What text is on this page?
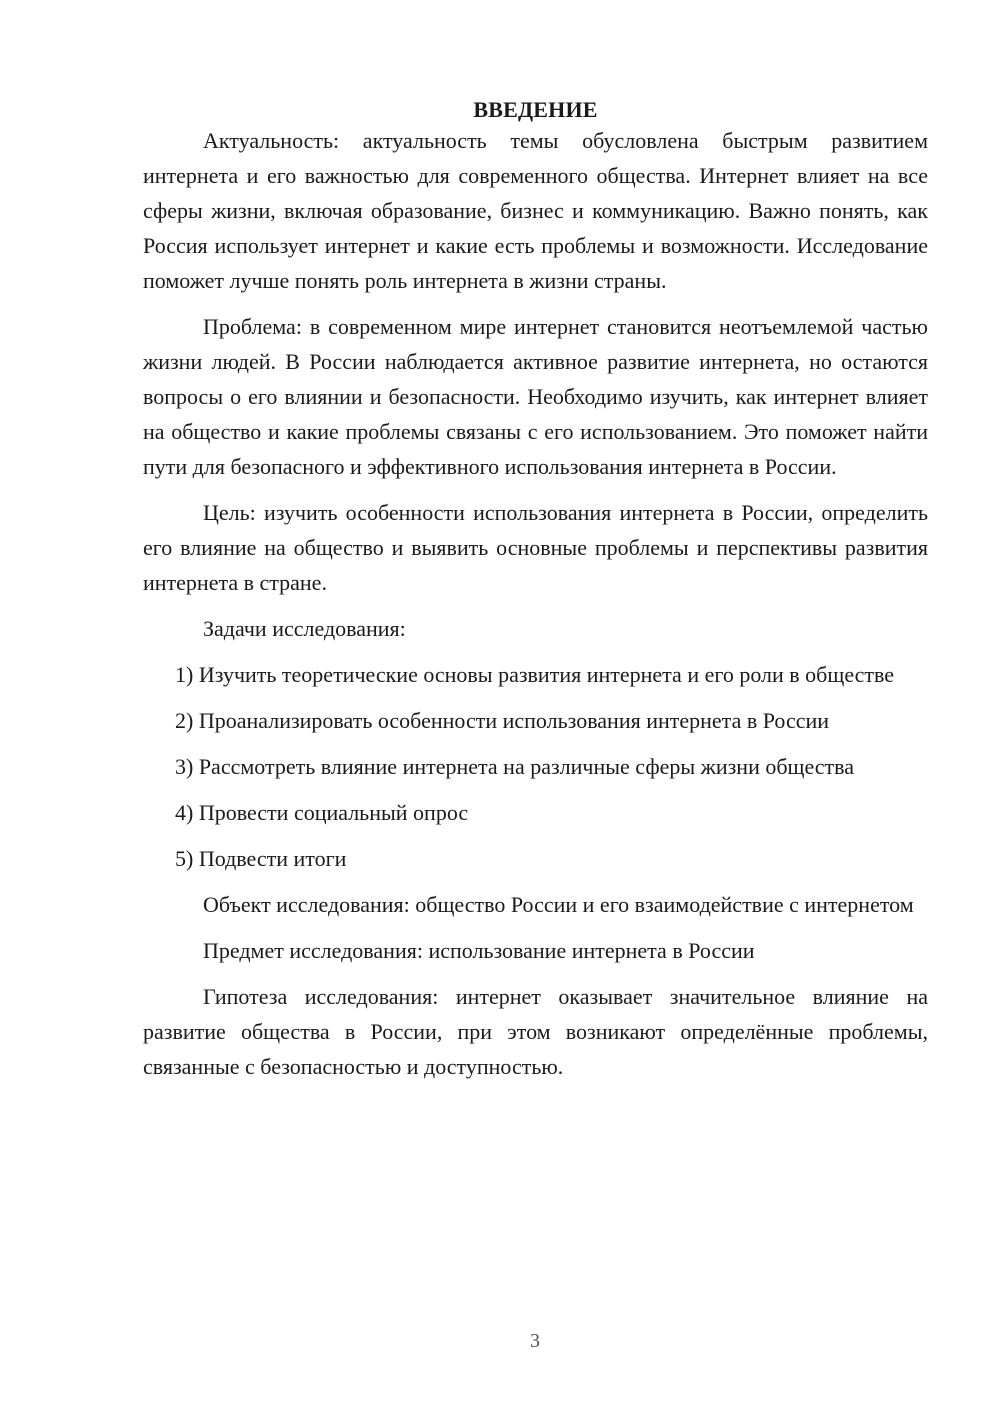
ВВЕДЕНИЕ

Актуальность: актуальность темы обусловлена быстрым развитием интернета и его важностью для современного общества. Интернет влияет на все сферы жизни, включая образование, бизнес и коммуникацию. Важно понять, как Россия использует интернет и какие есть проблемы и возможности. Исследование поможет лучше понять роль интернета в жизни страны.

Проблема: в современном мире интернет становится неотъемлемой частью жизни людей. В России наблюдается активное развитие интернета, но остаются вопросы о его влиянии и безопасности. Необходимо изучить, как интернет влияет на общество и какие проблемы связаны с его использованием. Это поможет найти пути для безопасного и эффективного использования интернета в России.

Цель: изучить особенности использования интернета в России, определить его влияние на общество и выявить основные проблемы и перспективы развития интернета в стране.

Задачи исследования:

1) Изучить теоретические основы развития интернета и его роли в обществе

2) Проанализировать особенности использования интернета в России

3) Рассмотреть влияние интернета на различные сферы жизни общества

4) Провести социальный опрос

5) Подвести итоги

Объект исследования: общество России и его взаимодействие с интернетом

Предмет исследования: использование интернета в России

Гипотеза исследования: интернет оказывает значительное влияние на развитие общества в России, при этом возникают определённые проблемы, связанные с безопасностью и доступностью.

3
